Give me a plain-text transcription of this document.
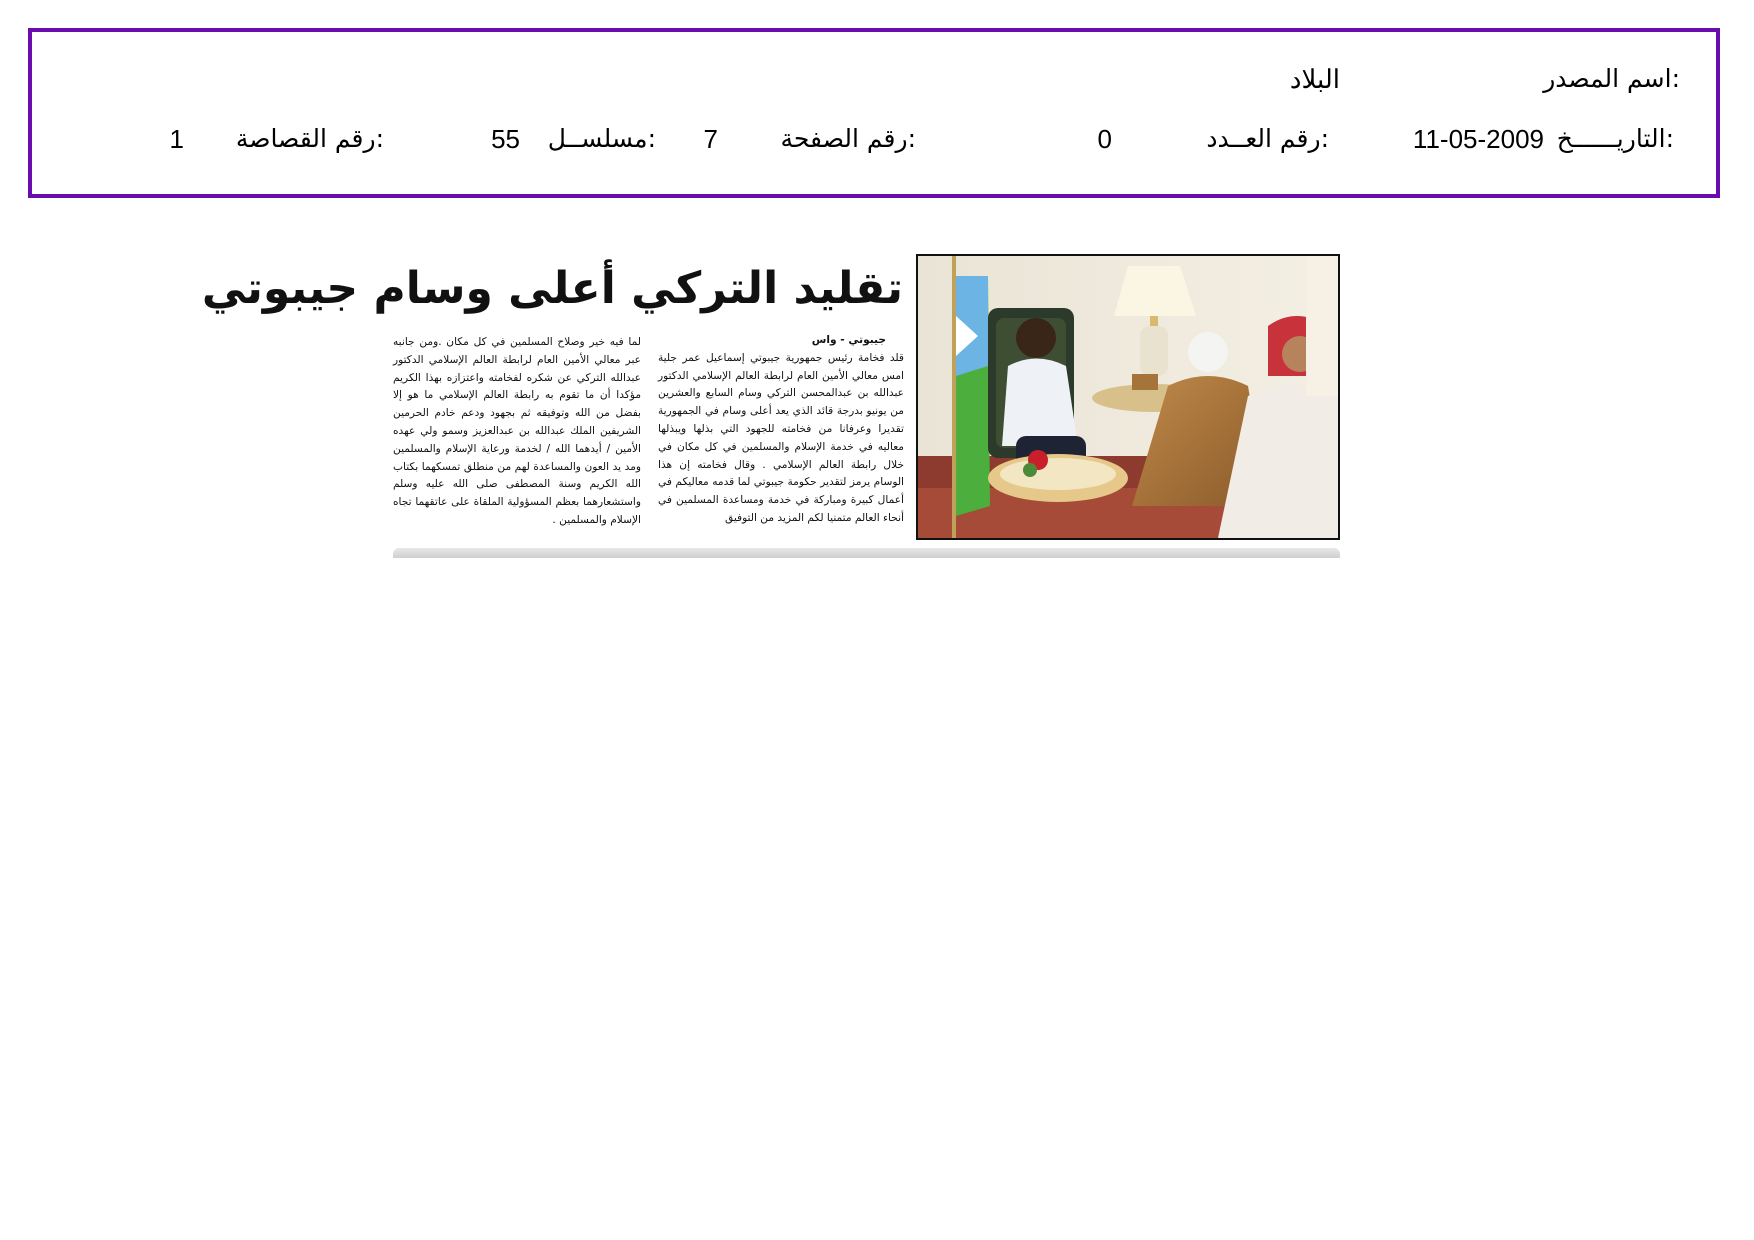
اسم المصدر:
البلاد
التاريــــــخ:
11-05-2009
رقم العــدد:
0
رقم الصفحة:
7
مسلســل:
55
رقم القصاصة:
1
تقليد التركي أعلى وسام جيبوتي
جيبوتي - واس
قلد فخامة رئيس جمهورية جيبوتي إسماعيل عمر جلية امس معالي الأمين العام لرابطة العالم الإسلامي الدكتور عبدالله بن عبدالمحسن التركي وسام السابع والعشرين من يونيو بدرجة قائد الذي يعد أعلى وسام في الجمهورية تقديرا وعرفانا من فخامته للجهود التي بذلها ويبذلها معاليه في خدمة الإسلام والمسلمين في كل مكان في خلال رابطة العالم الإسلامي . وقال فخامته إن هذا الوسام يرمز لتقدير حكومة جيبوتي لما قدمه معاليكم في أعمال كبيرة ومباركة في خدمة ومساعدة المسلمين في أنحاء العالم متمنيا لكم المزيد من التوفيق
لما فيه خير وصلاح المسلمين في كل مكان .ومن جانبه عبر معالي الأمين العام لرابطة العالم الإسلامي الدكتور عبدالله التركي عن شكره لفخامته واعتزازه بهذا الكريم مؤكدا أن ما تقوم به رابطة العالم الإسلامي ما هو إلا بفضل من الله وتوفيقه ثم بجهود ودعم خادم الحرمين الشريفين الملك عبدالله بن عبدالعزيز وسمو ولي عهده الأمين / أيدهما الله / لخدمة ورعاية الإسلام والمسلمين ومد يد العون والمساعدة لهم من منطلق تمسكهما بكتاب الله الكريم وسنة المصطفى صلى الله عليه وسلم واستشعارهما بعظم المسؤولية الملقاة على عاتقهما تجاه الإسلام والمسلمين .
